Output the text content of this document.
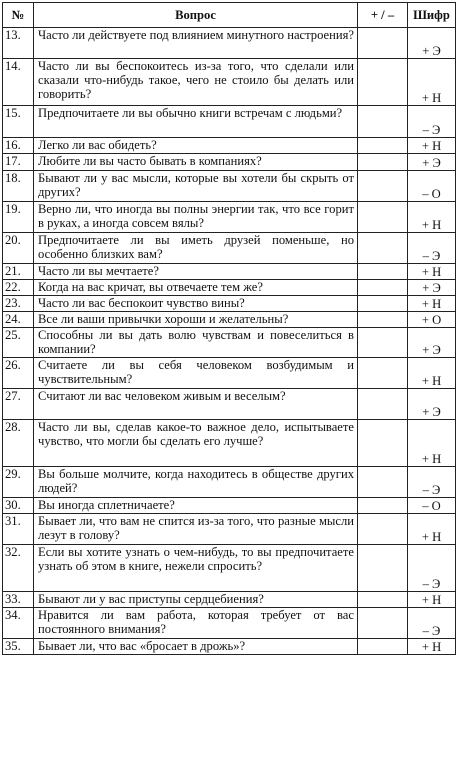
№	Вопрос	+ / –	Шифр
13.	Часто ли действуете под влиянием минутного настроения?		+ Э
14.	Часто ли вы беспокоитесь из-за того, что сделали или сказали что-нибудь такое, чего не стоило бы делать или говорить?		+ Н
15.	Предпочитаете ли вы обычно книги встречам с людьми?		– Э
16.	Легко ли вас обидеть?		+ Н
17.	Любите ли вы часто бывать в компаниях?		+ Э
18.	Бывают ли у вас мысли, которые вы хотели бы скрыть от других?		– О
19.	Верно ли, что иногда вы полны энергии так, что все горит в руках, а иногда совсем вялы?		+ Н
20.	Предпочитаете ли вы иметь друзей поменьше, но особенно близких вам?		– Э
21.	Часто ли вы мечтаете?		+ Н
22.	Когда на вас кричат, вы отвечаете тем же?		+ Э
23.	Часто ли вас беспокоит чувство вины?		+ Н
24.	Все ли ваши привычки хороши и желательны?		+ О
25.	Способны ли вы дать волю чувствам и повеселиться в компании?		+ Э
26.	Считаете ли вы себя человеком возбудимым и чувствительным?		+ Н
27.	Считают ли вас человеком живым и веселым?		+ Э
28.	Часто ли вы, сделав какое-то важное дело, испытываете чувство, что могли бы сделать его лучше?		+ Н
29.	Вы больше молчите, когда находитесь в обществе других людей?		– Э
30.	Вы иногда сплетничаете?		– О
31.	Бывает ли, что вам не спится из-за того, что разные мысли лезут в голову?		+ Н
32.	Если вы хотите узнать о чем-нибудь, то вы предпочитаете узнать об этом в книге, нежели спросить?		– Э
33.	Бывают ли у вас приступы сердцебиения?		+ Н
34.	Нравится ли вам работа, которая требует от вас постоянного внимания?		– Э
35.	Бывает ли, что вас «бросает в дрожь»?		+ Н
